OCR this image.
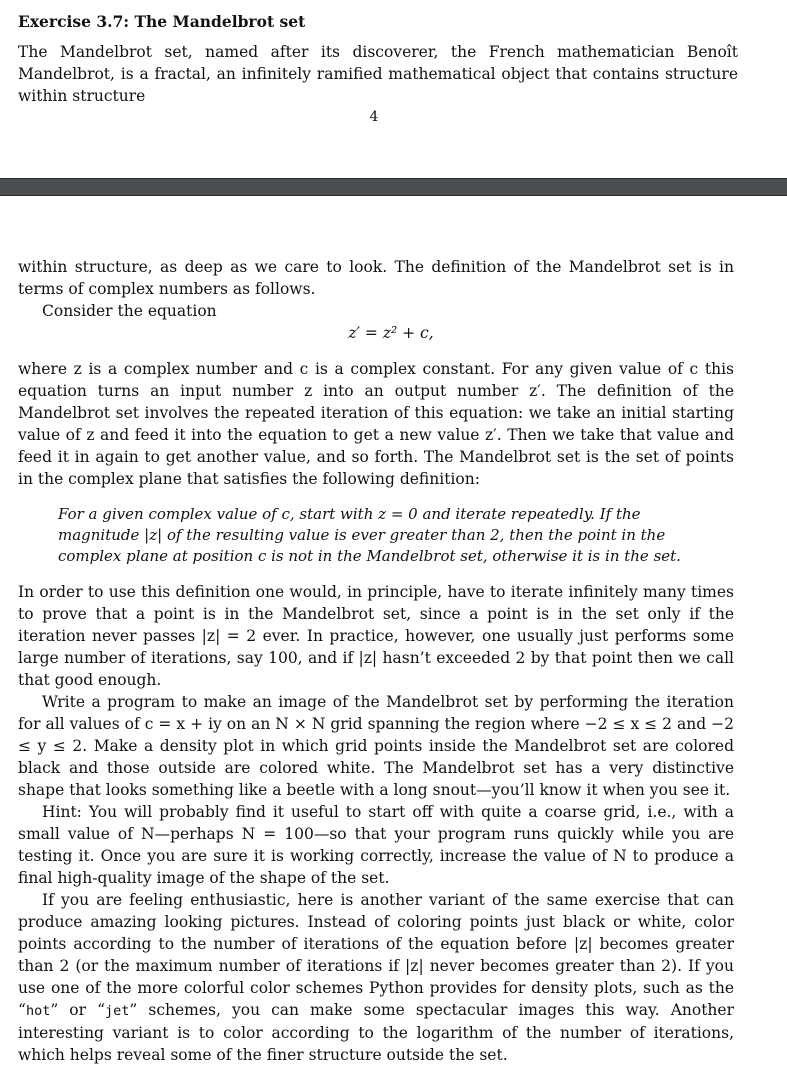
Exercise 3.7: The Mandelbrot set

The Mandelbrot set, named after its discoverer, the French mathematician Benoît Mandelbrot, is a fractal, an infinitely ramified mathematical object that contains structure within structure

4

within structure, as deep as we care to look. The definition of the Mandelbrot set is in terms of complex numbers as follows.

Consider the equation

z′ = z² + c,

where z is a complex number and c is a complex constant. For any given value of c this equation turns an input number z into an output number z′. The definition of the Mandelbrot set involves the repeated iteration of this equation: we take an initial starting value of z and feed it into the equation to get a new value z′. Then we take that value and feed it in again to get another value, and so forth. The Mandelbrot set is the set of points in the complex plane that satisfies the following definition:

For a given complex value of c, start with z = 0 and iterate repeatedly. If the magnitude |z| of the resulting value is ever greater than 2, then the point in the complex plane at position c is not in the Mandelbrot set, otherwise it is in the set.

In order to use this definition one would, in principle, have to iterate infinitely many times to prove that a point is in the Mandelbrot set, since a point is in the set only if the iteration never passes |z| = 2 ever. In practice, however, one usually just performs some large number of iterations, say 100, and if |z| hasn’t exceeded 2 by that point then we call that good enough.

Write a program to make an image of the Mandelbrot set by performing the iteration for all values of c = x + iy on an N × N grid spanning the region where −2 ≤ x ≤ 2 and −2 ≤ y ≤ 2. Make a density plot in which grid points inside the Mandelbrot set are colored black and those outside are colored white. The Mandelbrot set has a very distinctive shape that looks something like a beetle with a long snout—you’ll know it when you see it.

Hint: You will probably find it useful to start off with quite a coarse grid, i.e., with a small value of N—perhaps N = 100—so that your program runs quickly while you are testing it. Once you are sure it is working correctly, increase the value of N to produce a final high-quality image of the shape of the set.

If you are feeling enthusiastic, here is another variant of the same exercise that can produce amazing looking pictures. Instead of coloring points just black or white, color points according to the number of iterations of the equation before |z| becomes greater than 2 (or the maximum number of iterations if |z| never becomes greater than 2). If you use one of the more colorful color schemes Python provides for density plots, such as the “hot” or “jet” schemes, you can make some spectacular images this way. Another interesting variant is to color according to the logarithm of the number of iterations, which helps reveal some of the finer structure outside the set.
